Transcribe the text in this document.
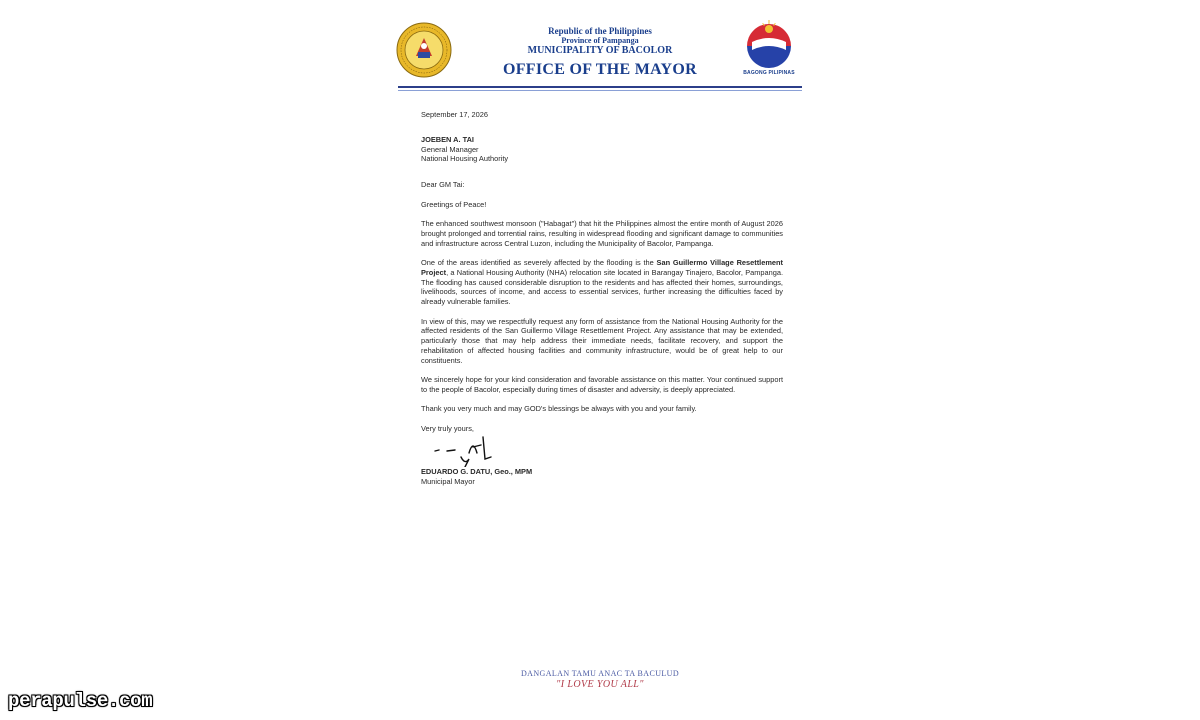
Republic of the Philippines
Province of Pampanga
MUNICIPALITY OF BACOLOR
OFFICE OF THE MAYOR	BAGONG PILIPINAS

September 17, 2026

JOEBEN A. TAI
General Manager
National Housing Authority

Dear GM Tai:

Greetings of Peace!

The enhanced southwest monsoon ("Habagat") that hit the Philippines almost the entire month of August 2026 brought prolonged and torrential rains, resulting in widespread flooding and significant damage to communities and infrastructure across Central Luzon, including the Municipality of Bacolor, Pampanga.

One of the areas identified as severely affected by the flooding is the San Guillermo Village Resettlement Project, a National Housing Authority (NHA) relocation site located in Barangay Tinajero, Bacolor, Pampanga. The flooding has caused considerable disruption to the residents and has affected their homes, surroundings, livelihoods, sources of income, and access to essential services, further increasing the difficulties faced by already vulnerable families.

In view of this, may we respectfully request any form of assistance from the National Housing Authority for the affected residents of the San Guillermo Village Resettlement Project. Any assistance that may be extended, particularly those that may help address their immediate needs, facilitate recovery, and support the rehabilitation of affected housing facilities and community infrastructure, would be of great help to our constituents.

We sincerely hope for your kind consideration and favorable assistance on this matter. Your continued support to the people of Bacolor, especially during times of disaster and adversity, is deeply appreciated.

Thank you very much and may GOD's blessings be always with you and your family.

Very truly yours,

EDUARDO G. DATU, Geo., MPM
Municipal Mayor
DANGALAN TAMU ANAC TA BACULUD
"I LOVE YOU ALL"
perapulse.com
